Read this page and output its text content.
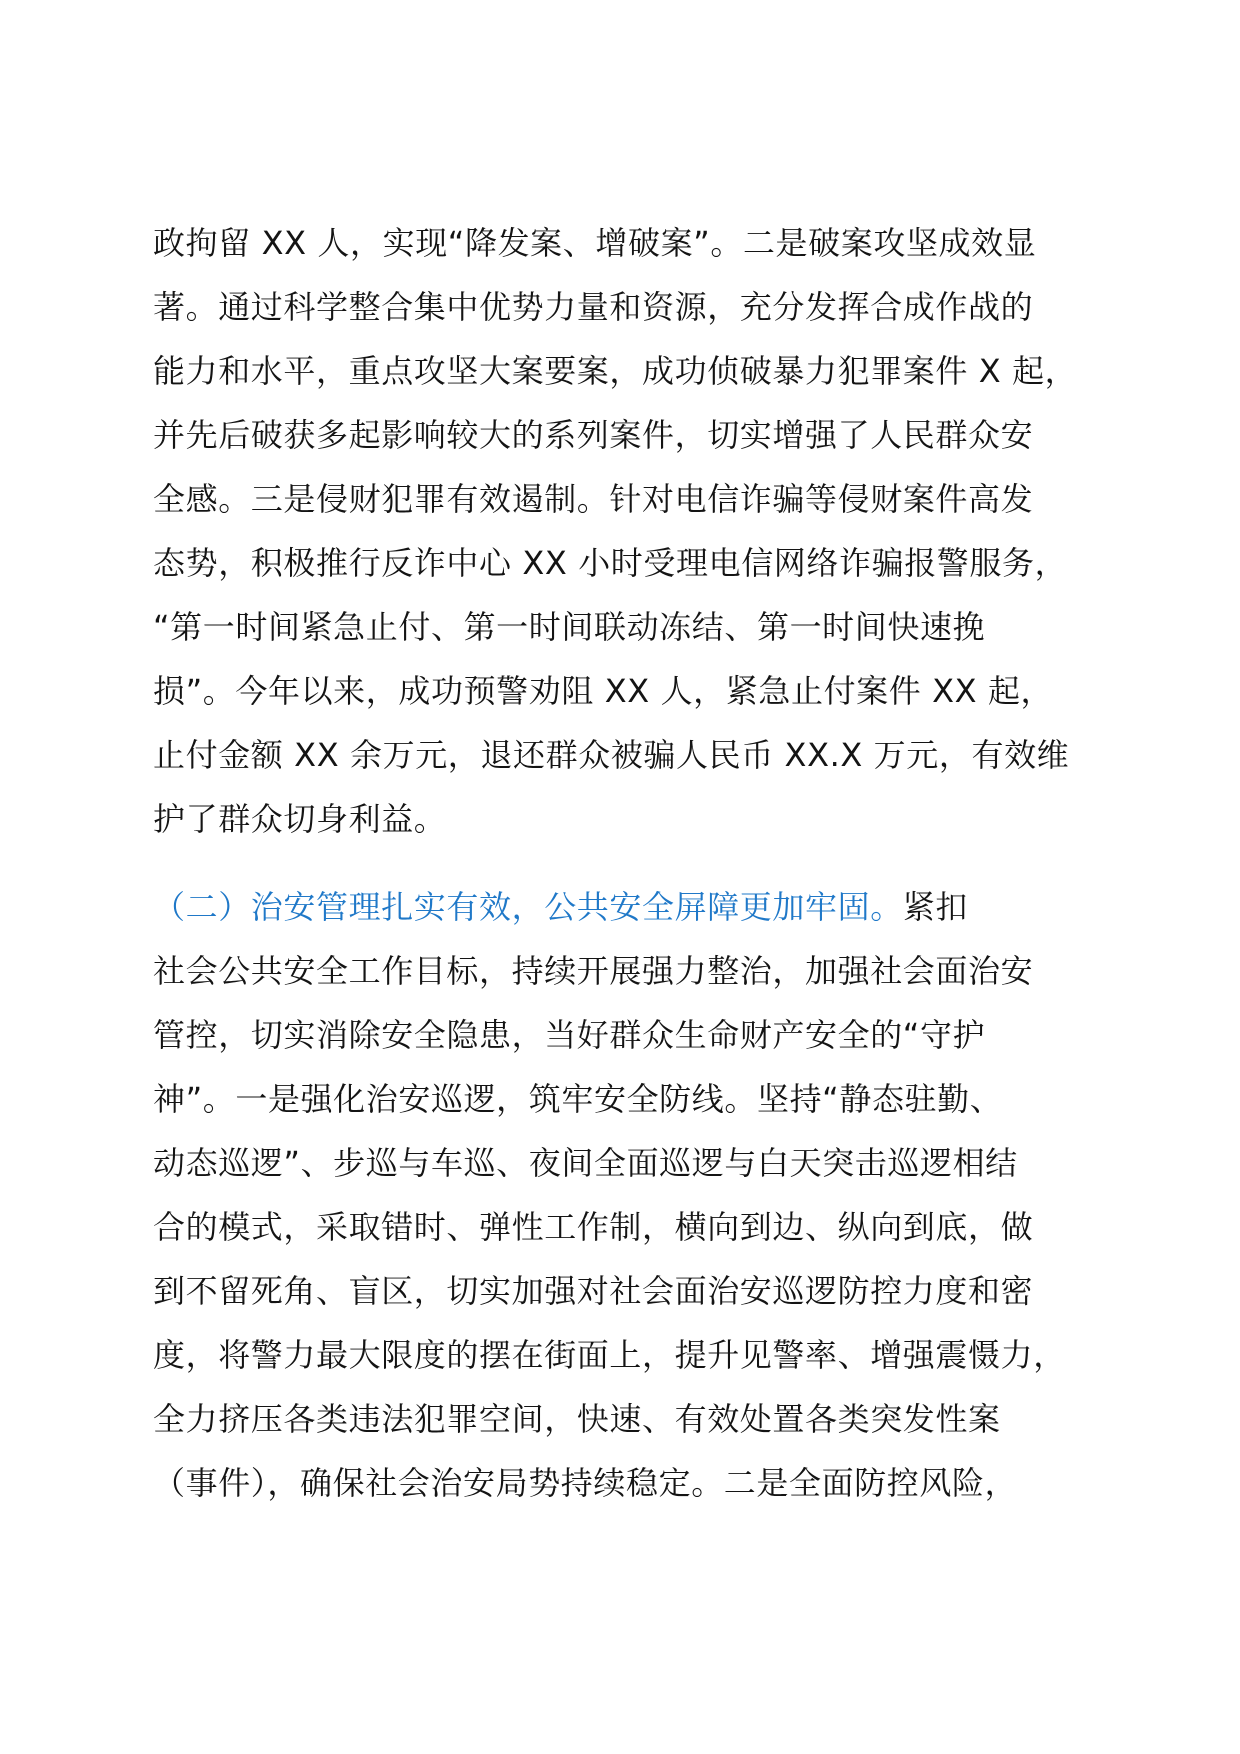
政拘留 XX 人，实现“降发案、增破案”。二是破案攻坚成效显
著。通过科学整合集中优势力量和资源，充分发挥合成作战的
能力和水平，重点攻坚大案要案，成功侦破暴力犯罪案件 X 起，
并先后破获多起影响较大的系列案件，切实增强了人民群众安
全感。三是侵财犯罪有效遏制。针对电信诈骗等侵财案件高发
态势，积极推行反诈中心 XX 小时受理电信网络诈骗报警服务，
“第一时间紧急止付、第一时间联动冻结、第一时间快速挽
损”。今年以来，成功预警劝阻 XX 人，紧急止付案件 XX 起，
止付金额 XX 余万元，退还群众被骗人民币 XX.X 万元，有效维
护了群众切身利益。
（二）治安管理扎实有效，公共安全屏障更加牢固。紧扣
社会公共安全工作目标，持续开展强力整治，加强社会面治安
管控，切实消除安全隐患，当好群众生命财产安全的“守护
神”。一是强化治安巡逻，筑牢安全防线。坚持“静态驻勤、
动态巡逻”、步巡与车巡、夜间全面巡逻与白天突击巡逻相结
合的模式，采取错时、弹性工作制，横向到边、纵向到底，做
到不留死角、盲区，切实加强对社会面治安巡逻防控力度和密
度，将警力最大限度的摆在街面上，提升见警率、增强震慑力，
全力挤压各类违法犯罪空间，快速、有效处置各类突发性案
（事件），确保社会治安局势持续稳定。二是全面防控风险，
